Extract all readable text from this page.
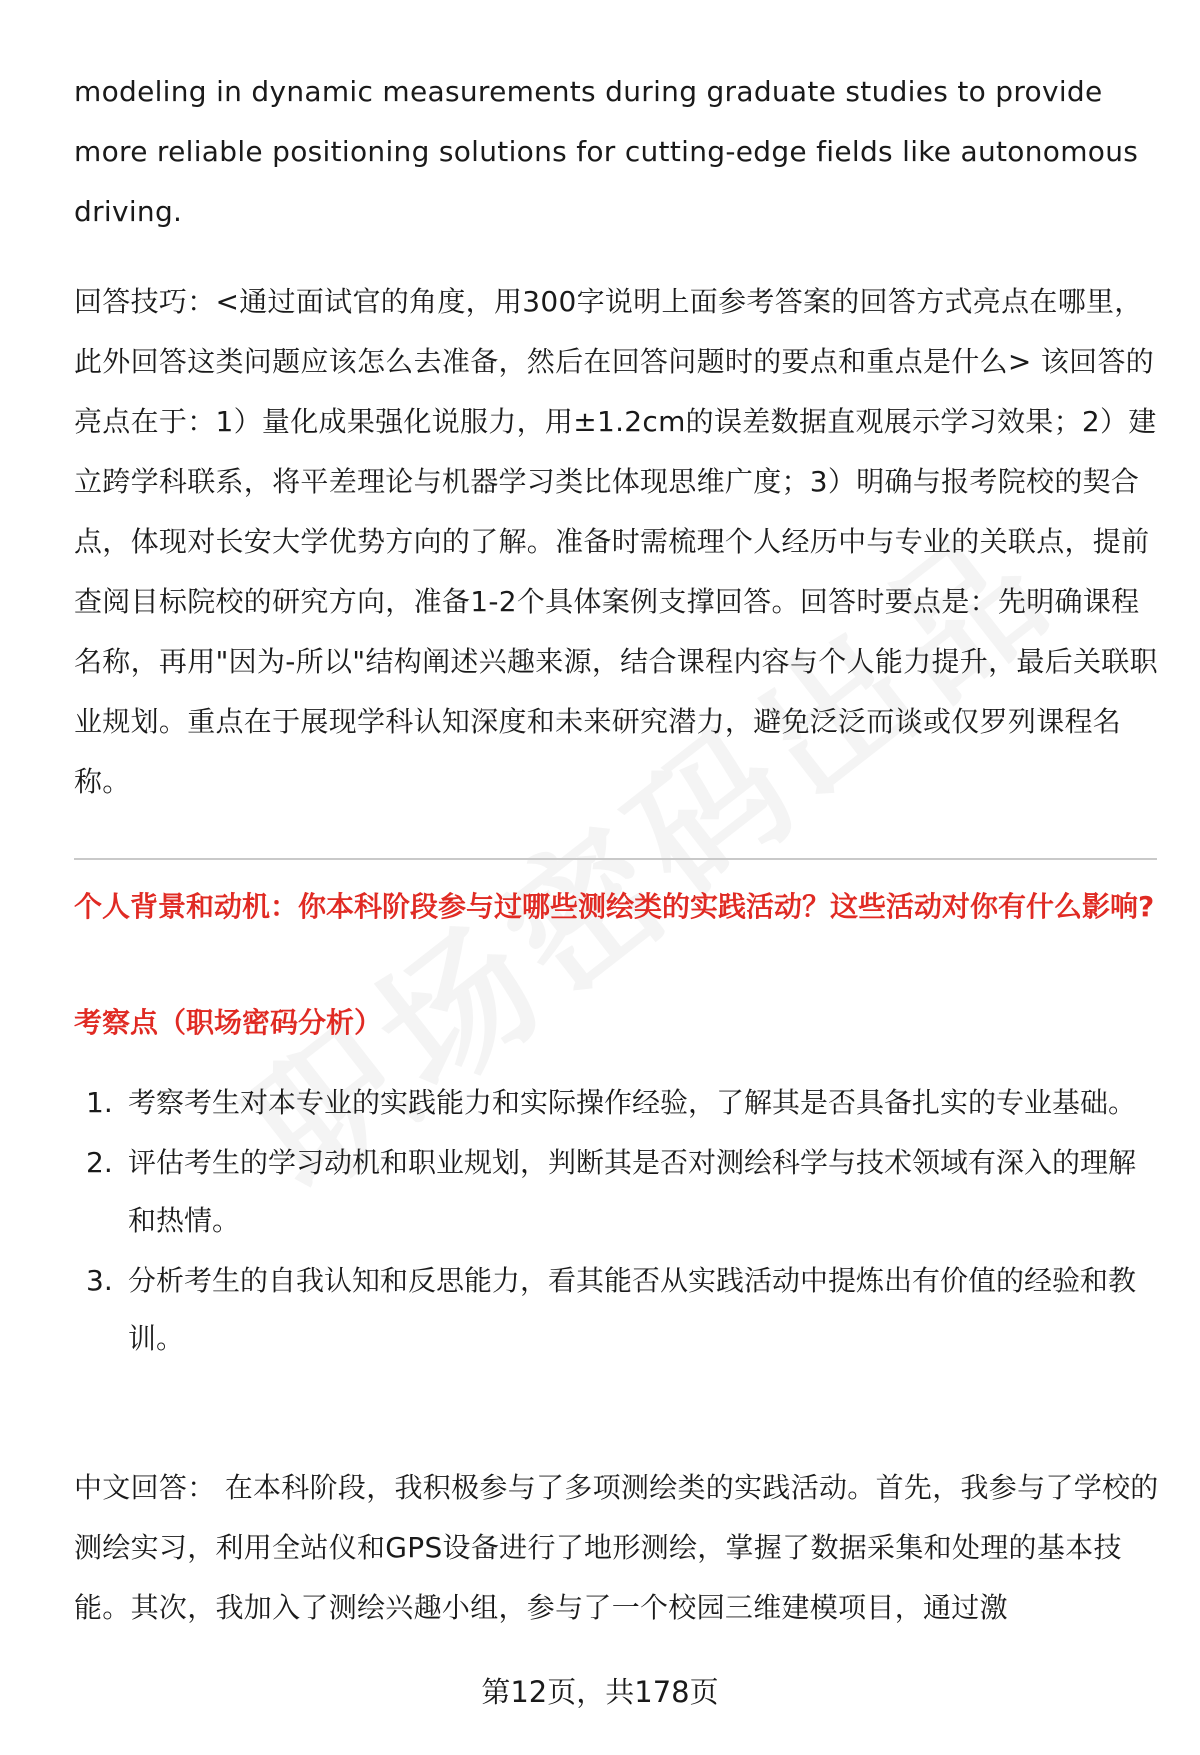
modeling in dynamic measurements during graduate studies to provide more reliable positioning solutions for cutting-edge fields like autonomous driving.

回答技巧：<通过面试官的角度，用300字说明上面参考答案的回答方式亮点在哪里，此外回答这类问题应该怎么去准备，然后在回答问题时的要点和重点是什么> 该回答的亮点在于：1）量化成果强化说服力，用±1.2cm的误差数据直观展示学习效果；2）建立跨学科联系，将平差理论与机器学习类比体现思维广度；3）明确与报考院校的契合点，体现对长安大学优势方向的了解。准备时需梳理个人经历中与专业的关联点，提前查阅目标院校的研究方向，准备1-2个具体案例支撑回答。回答时要点是：先明确课程名称，再用"因为-所以"结构阐述兴趣来源，结合课程内容与个人能力提升，最后关联职业规划。重点在于展现学科认知深度和未来研究潜力，避免泛泛而谈或仅罗列课程名称。

个人背景和动机：你本科阶段参与过哪些测绘类的实践活动？这些活动对你有什么影响?

考察点（职场密码分析）

1. 考察考生对本专业的实践能力和实际操作经验，了解其是否具备扎实的专业基础。
2. 评估考生的学习动机和职业规划，判断其是否对测绘科学与技术领域有深入的理解和热情。
3. 分析考生的自我认知和反思能力，看其能否从实践活动中提炼出有价值的经验和教训。

中文回答： 在本科阶段，我积极参与了多项测绘类的实践活动。首先，我参与了学校的测绘实习，利用全站仪和GPS设备进行了地形测绘，掌握了数据采集和处理的基本技能。其次，我加入了测绘兴趣小组，参与了一个校园三维建模项目，通过激

第12页，共178页
